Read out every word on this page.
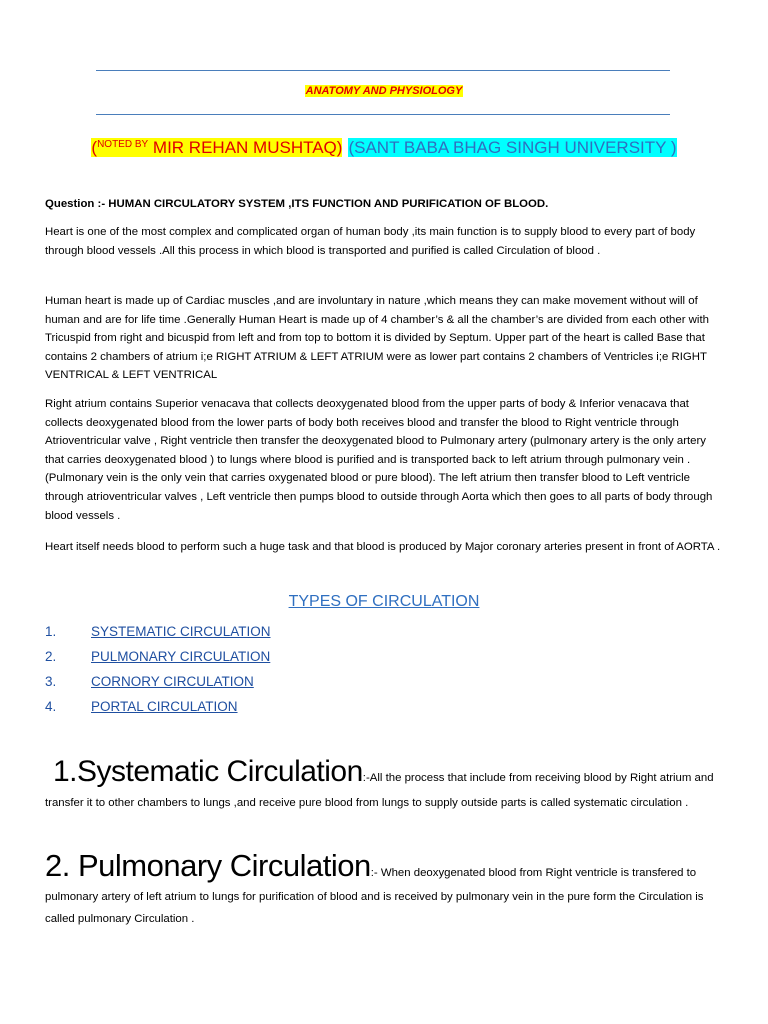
ANATOMY AND PHYSIOLOGY
($^{NOTED BY}$ MIR REHAN MUSHTAQ) (SANT BABA BHAG SINGH UNIVERSITY )
Question :- HUMAN CIRCULATORY SYSTEM ,ITS FUNCTION AND PURIFICATION OF BLOOD.
Heart is one of the most complex and complicated organ of human body ,its main function is to supply blood to every part of body through blood vessels .All this process in which blood is transported and purified is called Circulation of blood .
Human heart is made up of Cardiac muscles ,and are involuntary in nature ,which means they can make movement without will of human and are for life time .Generally Human Heart is made up of 4 chamber’s & all the chamber’s are divided from each other with Tricuspid from right and bicuspid from left and from top to bottom it is divided by Septum. Upper part of the heart is called Base that contains 2 chambers of atrium i;e RIGHT ATRIUM & LEFT ATRIUM were as lower part contains 2 chambers of Ventricles i;e RIGHT VENTRICAL & LEFT VENTRICAL
Right atrium contains Superior venacava that collects deoxygenated blood from the upper parts of body & Inferior venacava that collects deoxygenated blood from the lower parts of body both receives blood and transfer the blood to Right ventricle through Atrioventricular valve , Right ventricle then transfer the deoxygenated blood to Pulmonary artery (pulmonary artery is the only artery that carries deoxygenated blood ) to lungs where blood is purified and is transported back to left atrium through pulmonary vein . (Pulmonary vein is the only vein that carries oxygenated blood or pure blood). The left atrium then transfer blood to Left ventricle through atrioventricular valves , Left ventricle then pumps blood to outside through Aorta which then goes to all parts of body through blood vessels .
Heart itself needs blood to perform such a huge task and that blood is produced by Major coronary arteries present in front of AORTA .
TYPES OF CIRCULATION
1.	SYSTEMATIC CIRCULATION
2.	PULMONARY CIRCULATION
3.	CORNORY CIRCULATION
4.	PORTAL CIRCULATION
1.Systematic Circulation:-All the process that include from receiving blood by Right atrium and transfer it to other chambers to lungs ,and receive pure blood from lungs to supply outside parts is called systematic circulation .
2. Pulmonary Circulation:- When deoxygenated blood from Right ventricle is transfered to pulmonary artery of left atrium to lungs for purification of blood and is received by pulmonary vein in the pure form the Circulation is called pulmonary Circulation .
